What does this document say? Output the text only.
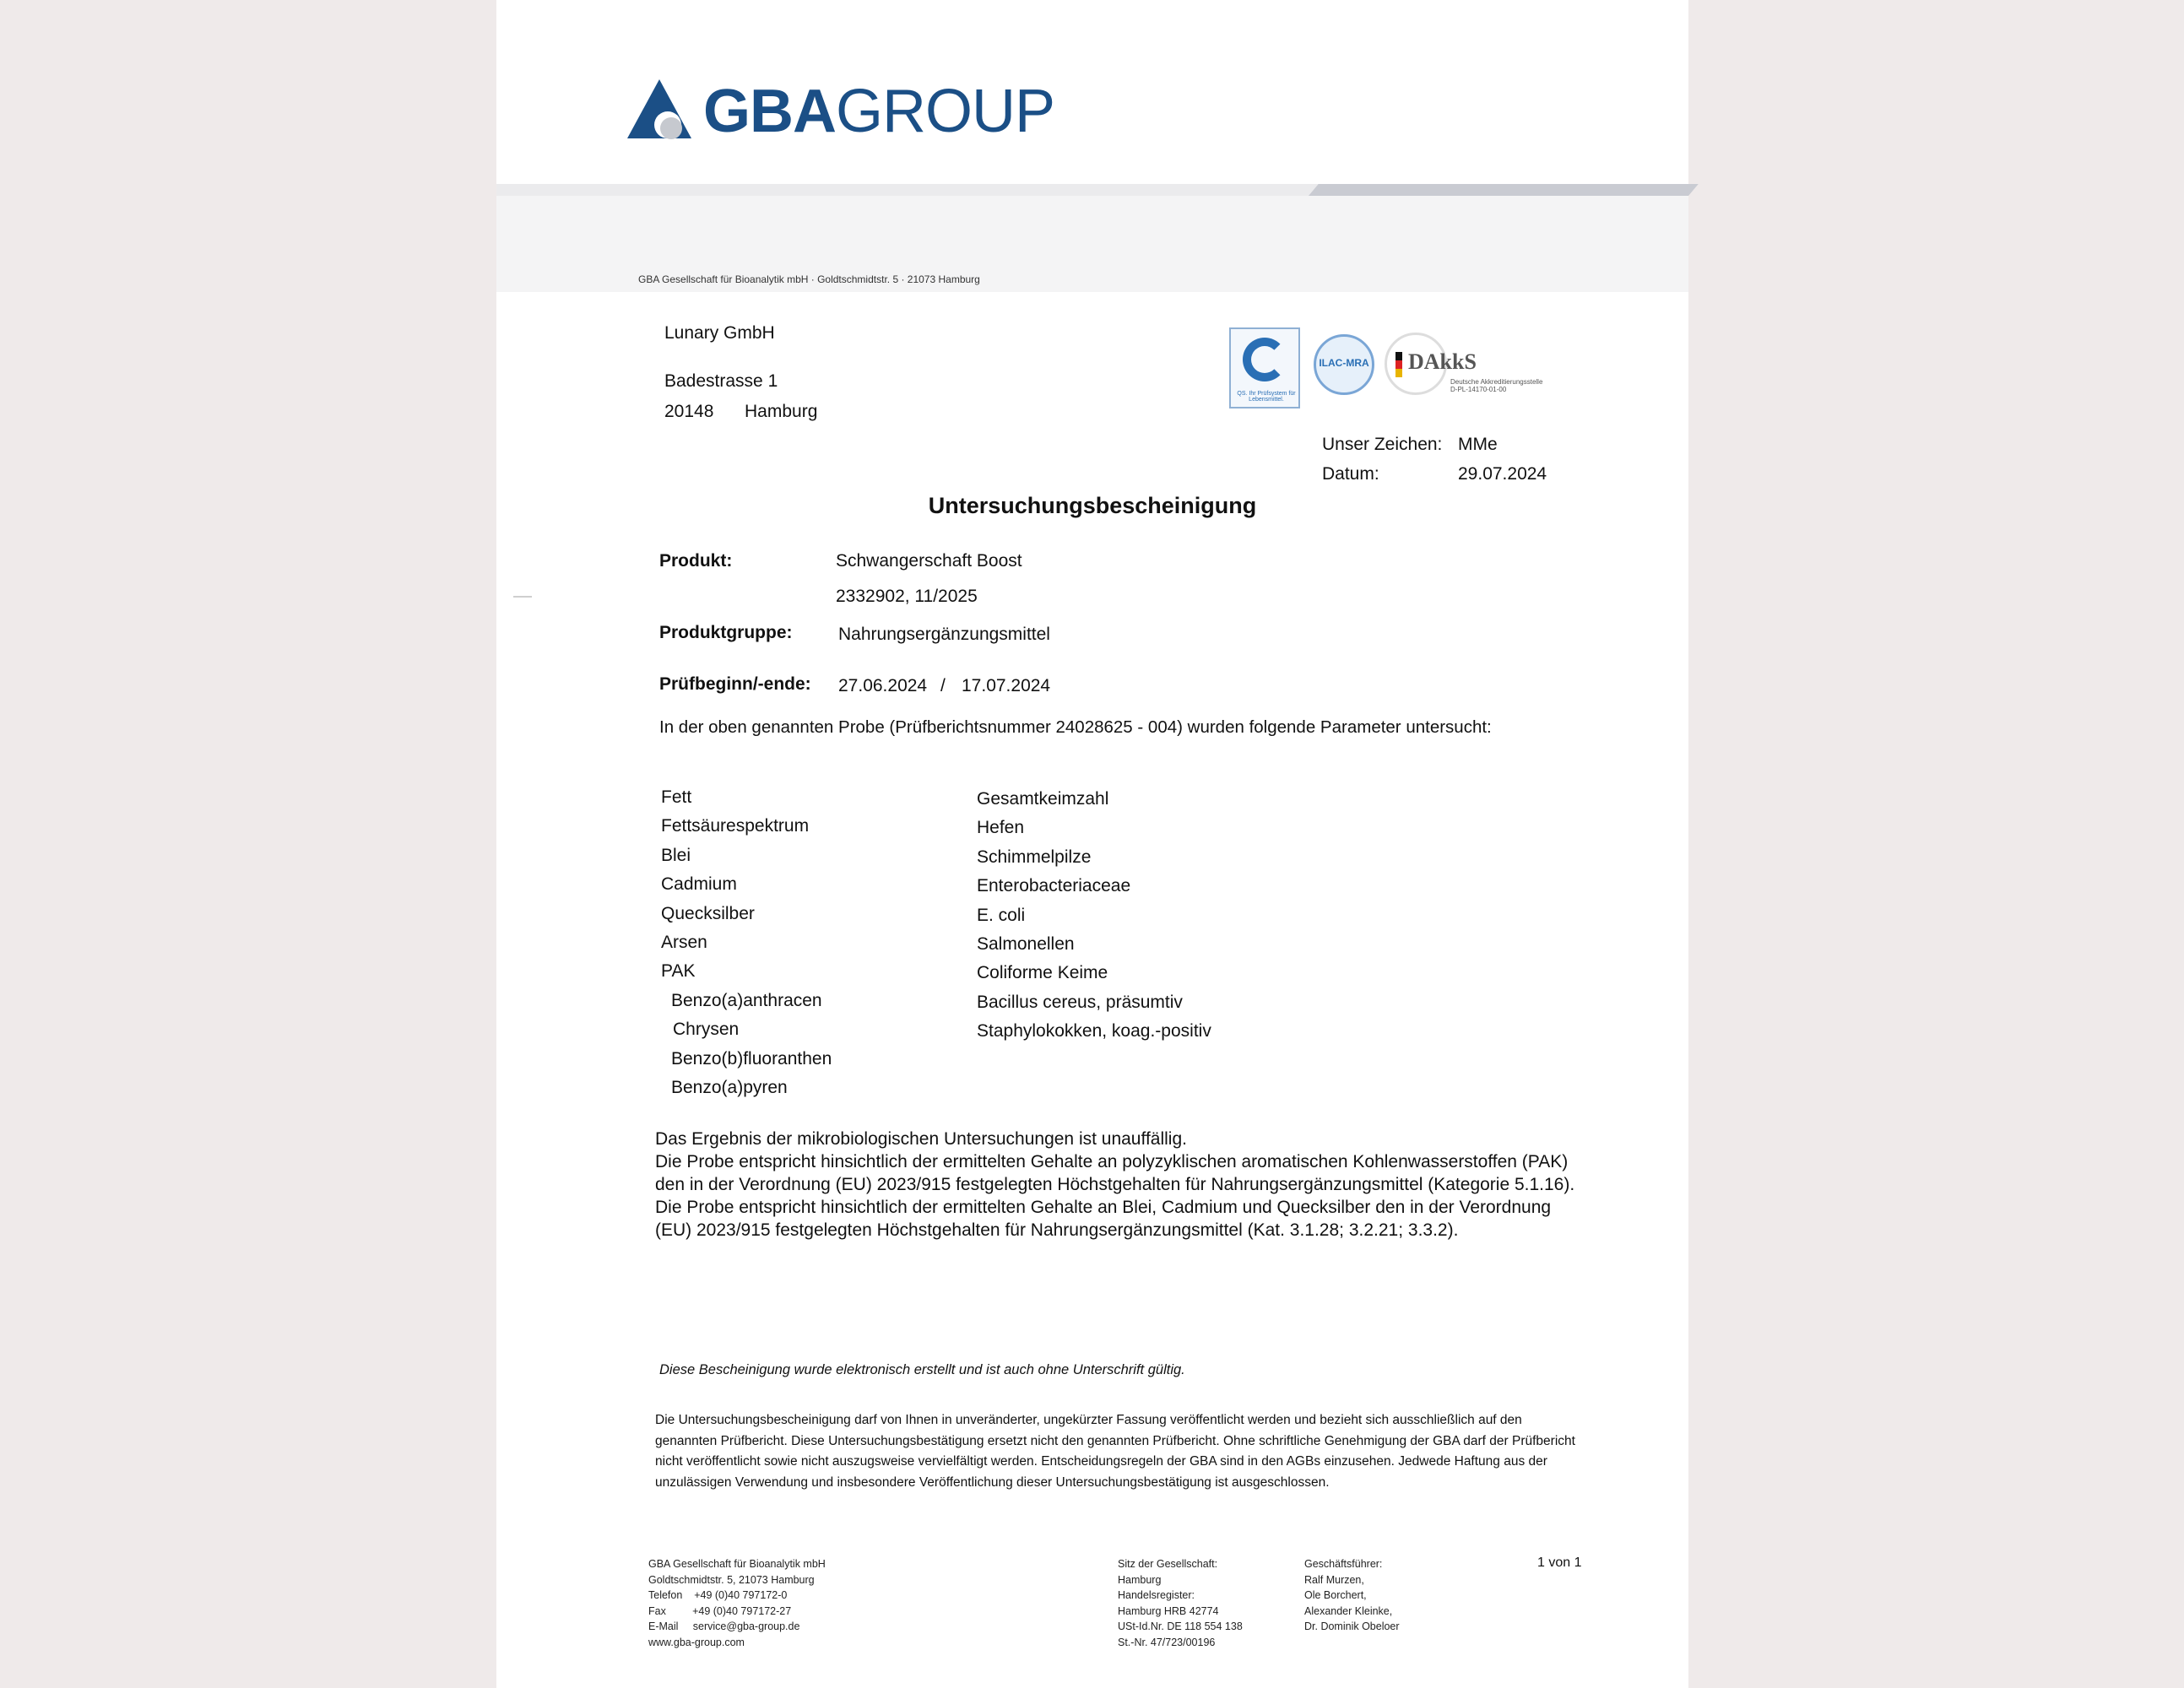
GBAGROUP
GBA Gesellschaft für Bioanalytik mbH · Goldtschmidtstr. 5 · 21073 Hamburg
Lunary GmbH
Badestrasse 1
20148 Hamburg
QS. Ihr Prüfsystem für Lebensmittel.
ILAC-MRA DAkkS
Deutsche Akkreditierungsstelle D-PL-14170-01-00
Unser Zeichen: MMe
Datum:	29.07.2024
Untersuchungsbescheinigung
Produkt:	Schwangerschaft Boost
2332902, 11/2025
Produktgruppe:	Nahrungsergänzungsmittel
Prüfbeginn/-ende: 27.06.2024 / 17.07.2024
In der oben genannten Probe (Prüfberichtsnummer 24028625 - 004) wurden folgende Parameter untersucht:
Fett
Fettsäurespektrum
Blei
Cadmium
Quecksilber
Arsen
PAK
Benzo(a)anthracen
Chrysen
Benzo(b)fluoranthen
Benzo(a)pyren
Gesamtkeimzahl
Hefen
Schimmelpilze
Enterobacteriaceae
E. coli
Salmonellen
Coliforme Keime
Bacillus cereus, präsumtiv
Staphylokokken, koag.-positiv
Das Ergebnis der mikrobiologischen Untersuchungen ist unauffällig.
Die Probe entspricht hinsichtlich der ermittelten Gehalte an polyzyklischen aromatischen Kohlenwasserstoffen (PAK) den in der Verordnung (EU) 2023/915 festgelegten Höchstgehalten für Nahrungsergänzungsmittel (Kategorie 5.1.16).
Die Probe entspricht hinsichtlich der ermittelten Gehalte an Blei, Cadmium und Quecksilber den in der Verordnung (EU) 2023/915 festgelegten Höchstgehalten für Nahrungsergänzungsmittel (Kat. 3.1.28; 3.2.21; 3.3.2).
Diese Bescheinigung wurde elektronisch erstellt und ist auch ohne Unterschrift gültig.
Die Untersuchungsbescheinigung darf von Ihnen in unveränderter, ungekürzter Fassung veröffentlicht werden und bezieht sich ausschließlich auf den genannten Prüfbericht. Diese Untersuchungsbestätigung ersetzt nicht den genannten Prüfbericht. Ohne schriftliche Genehmigung der GBA darf der Prüfbericht nicht veröffentlicht sowie nicht auszugsweise vervielfältigt werden. Entscheidungsregeln der GBA sind in den AGBs einzusehen. Jedwede Haftung aus der unzulässigen Verwendung und insbesondere Veröffentlichung dieser Untersuchungsbestätigung ist ausgeschlossen.
GBA Gesellschaft für Bioanalytik mbH
Goldtschmidtstr. 5, 21073 Hamburg
Telefon    +49 (0)40 797172-0
Fax         +49 (0)40 797172-27
E-Mail     service@gba-group.de
www.gba-group.com
Sitz der Gesellschaft:
Hamburg
Handelsregister:
Hamburg HRB 42774
USt-Id.Nr. DE 118 554 138
St.-Nr. 47/723/00196
Geschäftsführer:
Ralf Murzen,
Ole Borchert,
Alexander Kleinke,
Dr. Dominik Obeloer
1 von 1
